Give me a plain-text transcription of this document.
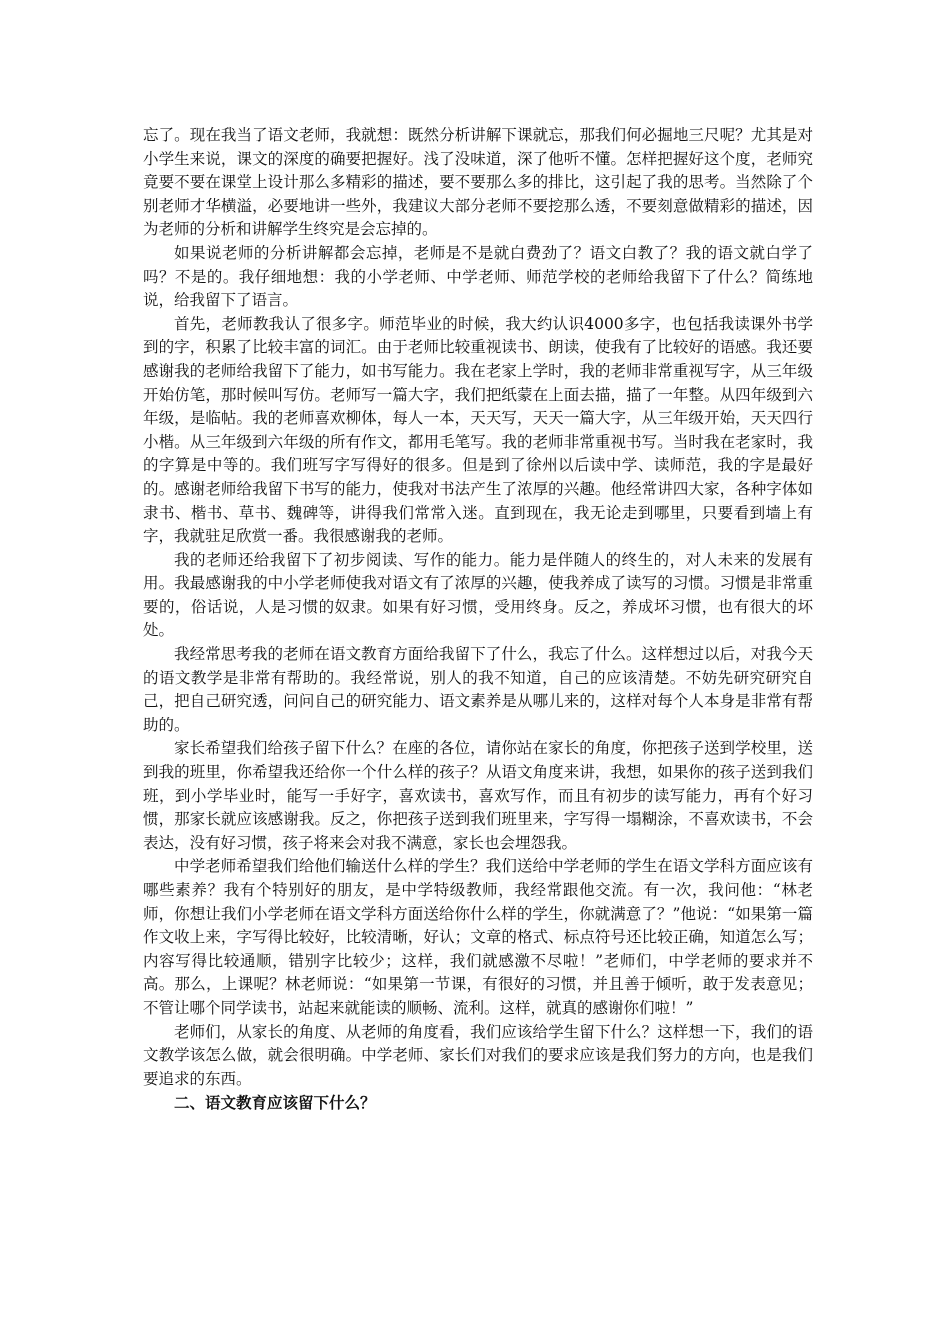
忘了。现在我当了语文老师，我就想：既然分析讲解下课就忘，那我们何必掘地三尺呢？尤其是对小学生来说，课文的深度的确要把握好。浅了没味道，深了他听不懂。怎样把握好这个度，老师究竟要不要在课堂上设计那么多精彩的描述，要不要那么多的排比，这引起了我的思考。当然除了个别老师才华横溢，必要地讲一些外，我建议大部分老师不要挖那么透，不要刻意做精彩的描述，因为老师的分析和讲解学生终究是会忘掉的。

如果说老师的分析讲解都会忘掉，老师是不是就白费劲了？语文白教了？我的语文就白学了吗？不是的。我仔细地想：我的小学老师、中学老师、师范学校的老师给我留下了什么？简练地说，给我留下了语言。

首先，老师教我认了很多字。师范毕业的时候，我大约认识4000多字，也包括我读课外书学到的字，积累了比较丰富的词汇。由于老师比较重视读书、朗读，使我有了比较好的语感。我还要感谢我的老师给我留下了能力，如书写能力。我在老家上学时，我的老师非常重视写字，从三年级开始仿笔，那时候叫写仿。老师写一篇大字，我们把纸蒙在上面去描，描了一年整。从四年级到六年级，是临帖。我的老师喜欢柳体，每人一本，天天写，天天一篇大字，从三年级开始，天天四行小楷。从三年级到六年级的所有作文，都用毛笔写。我的老师非常重视书写。当时我在老家时，我的字算是中等的。我们班写字写得好的很多。但是到了徐州以后读中学、读师范，我的字是最好的。感谢老师给我留下书写的能力，使我对书法产生了浓厚的兴趣。他经常讲四大家，各种字体如隶书、楷书、草书、魏碑等，讲得我们常常入迷。直到现在，我无论走到哪里，只要看到墙上有字，我就驻足欣赏一番。我很感谢我的老师。

我的老师还给我留下了初步阅读、写作的能力。能力是伴随人的终生的，对人未来的发展有用。我最感谢我的中小学老师使我对语文有了浓厚的兴趣，使我养成了读写的习惯。习惯是非常重要的，俗话说，人是习惯的奴隶。如果有好习惯，受用终身。反之，养成坏习惯，也有很大的坏处。

我经常思考我的老师在语文教育方面给我留下了什么，我忘了什么。这样想过以后，对我今天的语文教学是非常有帮助的。我经常说，别人的我不知道，自己的应该清楚。不妨先研究研究自己，把自己研究透，问问自己的研究能力、语文素养是从哪儿来的，这样对每个人本身是非常有帮助的。

家长希望我们给孩子留下什么？在座的各位，请你站在家长的角度，你把孩子送到学校里，送到我的班里，你希望我还给你一个什么样的孩子？从语文角度来讲，我想，如果你的孩子送到我们班，到小学毕业时，能写一手好字，喜欢读书，喜欢写作，而且有初步的读写能力，再有个好习惯，那家长就应该感谢我。反之，你把孩子送到我们班里来，字写得一塌糊涂，不喜欢读书，不会表达，没有好习惯，孩子将来会对我不满意，家长也会埋怨我。

中学老师希望我们给他们输送什么样的学生？我们送给中学老师的学生在语文学科方面应该有哪些素养？我有个特别好的朋友，是中学特级教师，我经常跟他交流。有一次，我问他：“林老师，你想让我们小学老师在语文学科方面送给你什么样的学生，你就满意了？”他说：“如果第一篇作文收上来，字写得比较好，比较清晰，好认；文章的格式、标点符号还比较正确，知道怎么写；内容写得比较通顺，错别字比较少；这样，我们就感激不尽啦！”老师们，中学老师的要求并不高。那么，上课呢？林老师说：“如果第一节课，有很好的习惯，并且善于倾听，敢于发表意见；不管让哪个同学读书，站起来就能读的顺畅、流利。这样，就真的感谢你们啦！”

老师们，从家长的角度、从老师的角度看，我们应该给学生留下什么？这样想一下，我们的语文教学该怎么做，就会很明确。中学老师、家长们对我们的要求应该是我们努力的方向，也是我们要追求的东西。

二、语文教育应该留下什么？
